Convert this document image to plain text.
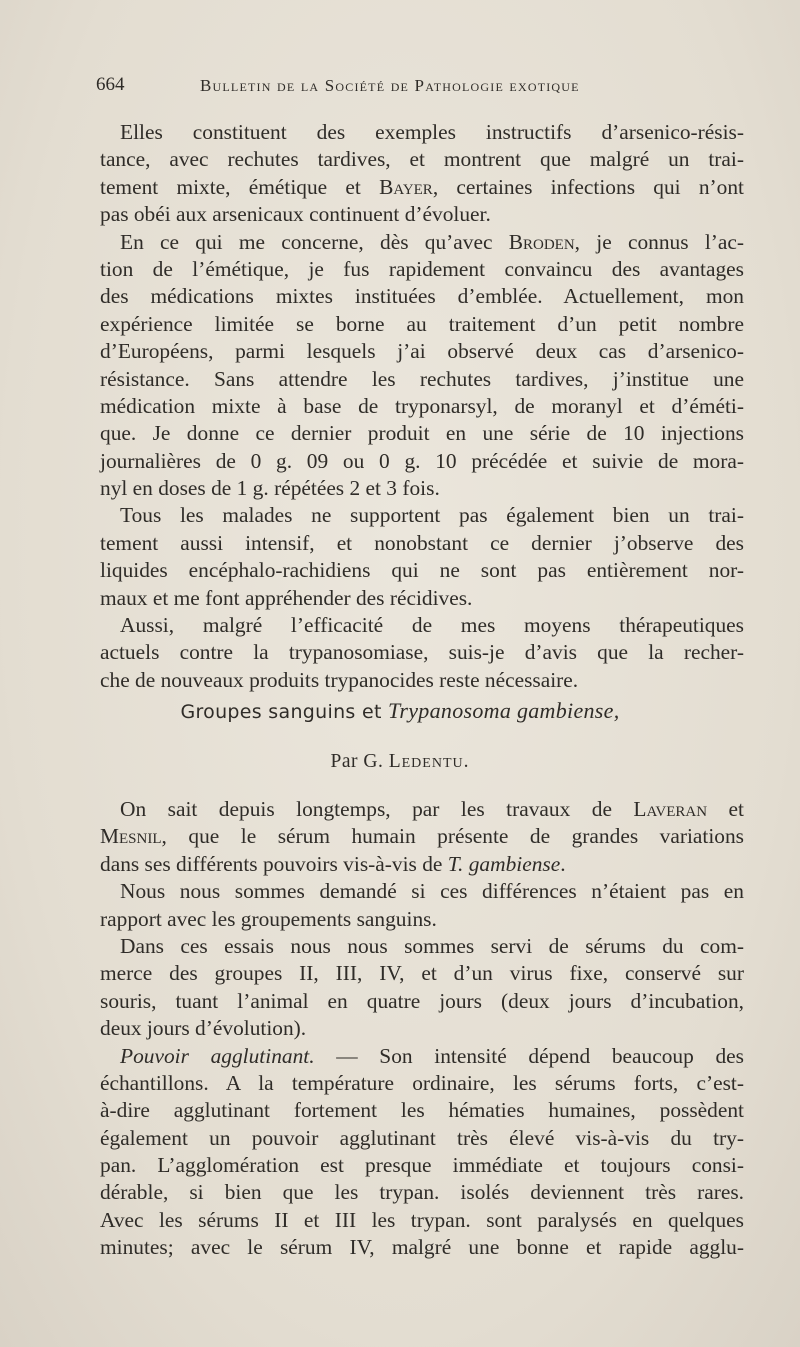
664	Bulletin de la Société de Pathologie exotique
Elles constituent des exemples instructifs d’arsenico-résis-
tance, avec rechutes tardives, et montrent que malgré un trai-
tement mixte, émétique et Bayer, certaines infections qui n’ont
pas obéi aux arsenicaux continuent d’évoluer.
En ce qui me concerne, dès qu’avec Broden, je connus l’ac-
tion de l’émétique, je fus rapidement convaincu des avantages
des médications mixtes instituées d’emblée. Actuellement, mon
expérience limitée se borne au traitement d’un petit nombre
d’Européens, parmi lesquels j’ai observé deux cas d’arsenico-
résistance. Sans attendre les rechutes tardives, j’institue une
médication mixte à base de tryponarsyl, de moranyl et d’éméti-
que. Je donne ce dernier produit en une série de 10 injections
journalières de 0 g. 09 ou 0 g. 10 précédée et suivie de mora-
nyl en doses de 1 g. répétées 2 et 3 fois.
Tous les malades ne supportent pas également bien un trai-
tement aussi intensif, et nonobstant ce dernier j’observe des
liquides encéphalo-rachidiens qui ne sont pas entièrement nor-
maux et me font appréhender des récidives.
Aussi, malgré l’efficacité de mes moyens thérapeutiques
actuels contre la trypanosomiase, suis-je d’avis que la recher-
che de nouveaux produits trypanocides reste nécessaire.
Groupes sanguins et Trypanosoma gambiense,
Par G. Ledentu.
On sait depuis longtemps, par les travaux de Laveran et
Mesnil, que le sérum humain présente de grandes variations
dans ses différents pouvoirs vis-à-vis de T. gambiense.
Nous nous sommes demandé si ces différences n’étaient pas en
rapport avec les groupements sanguins.
Dans ces essais nous nous sommes servi de sérums du com-
merce des groupes II, III, IV, et d’un virus fixe, conservé sur
souris, tuant l’animal en quatre jours (deux jours d’incubation,
deux jours d’évolution).
Pouvoir agglutinant. — Son intensité dépend beaucoup des
échantillons. A la température ordinaire, les sérums forts, c’est-
à-dire agglutinant fortement les hématies humaines, possèdent
également un pouvoir agglutinant très élevé vis-à-vis du try-
pan. L’agglomération est presque immédiate et toujours consi-
dérable, si bien que les trypan. isolés deviennent très rares.
Avec les sérums II et III les trypan. sont paralysés en quelques
minutes; avec le sérum IV, malgré une bonne et rapide agglu-
